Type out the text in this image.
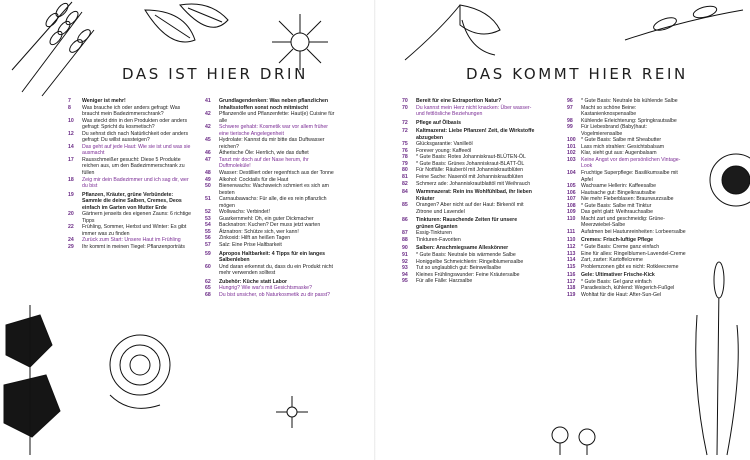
DAS IST HIER DRIN
7	Weniger ist mehr!
8	Was brauche ich oder anders gefragt: Was braucht mein Badezimmerschrank?
10	Was steckt drin in den Produkten oder anders gefragt: Spricht du kosmetisch?
12	Du sehnst dich nach Natürlichkeit oder anders gefragt: Du willst aussteigen?
14	Das geht auf jede Haut: Wie sie ist und was sie ausmacht
17	Rausschmeißer gesucht: Diese 5 Produkte reichen aus, um den Badezimmerschrank zu füllen
18	Zeig mir dein Badezimmer und ich sag dir, wer du bist
19	Pflanzen, Kräuter, grüne Verbündete: Sammle die deine Salben, Cremes, Deos einfach im Garten von Mutter Erde
20	Gärtnern jenseits des eigenen Zauns: 6 richtige Tipps
22	Frühling, Sommer, Herbst und Winter: Es gibt immer was zu finden
24	Zurück zum Start: Unsere Haut im Frühling
29	Ihr kommt in meinen Tiegel: Pflanzenporträts
41	Grundlagendenken: Was neben pflanzlichen Inhaltsstoffen sonst noch mitmischt
42	Pflanzenöle und Pflanzenfette: Haut(e) Cuisine für alle
42	Schwere gehabt: Kosmetik war vor allem früher eine tierische Angelegenheit
45	Hydrolate: Kannst du mir bitte das Duftwasser reichen?
46	Ätherische Öle: Herrlich, wie das duftet
47	Tanzt mir doch auf der Nase herum, ihr Duftmoleküle!
48	Wasser: Destilliert oder regenfrisch aus der Tonne
49	Alkohol: Cocktails für die Haut
50	Bienenwachs: Wachsweich schmiert es sich am besten
51	Carnaubawachs: Für alle, die es rein pflanzlich mögen
52	Wollwachs: Verbindet!
53	Guarkernmehl: Oh, ein guter Dickmacher
54	Backnatron: Kuchen? Der muss jetzt warten
55	Ätznatron: Schütze sich, wer kann!
56	Zinkoxid: Hilft an heißen Tagen
57	Salz: Eine Prise Haltbarkeit
59	Apropos Haltbarkeit: 4 Tipps für ein langes Salbenleben
60	Und daran erkennst du, dass du ein Produkt nicht mehr verwenden solltest
62	Zubehör: Küche statt Labor
65	Hungrig? Wie war's mit Gesichtsmaske?
68	Du bist unsicher, ob Naturkosmetik zu dir passt?
DAS KOMMT HIER REIN
70	Bereit für eine Extraportion Natur?
70	Du kannst mein Herz nicht knacken: Über wasser- und fettlösliche Beziehungen
72	Pflege auf Ölbasis
72	Kaltmazerat: Liebe Pflanzen! Zeit, die Wirkstoffe abzugeben
75	Glücksgarantie: Vanilleöl
76	Forever young: Kaffeeöl
78	* Gute Basis: Rotes Johanniskraut-BLÜTEN-ÖL
79	* Gute Basis: Grünes Johanniskraut-BLATT-ÖL
80	Für Notfälle: Räuberöl mit Johanniskrautblüten
81	Feine Sache: Nasenöl mit Johanniskrautblüten
82	Schmerz ade: Johanniskrautblattöl mit Weihrauch
84	Warmmazerat: Rein ins Wohlfühlbad, ihr lieben Kräuter
85	Orangen? Aber nicht auf der Haut: Birkenöl mit Zitrone und Lavendel
86	Tinkturen: Rauschende Zeiten für unsere grünen Giganten
87	Essig-Tinkturen
88	Tinkturen-Favoriten
90	Salben: Anschmiegsame Alleskönner
91	* Gute Basis: Neutrale bis wärmende Salbe
92	Honiggelbe Schmeichlerin: Ringelblumensalbe
93	Tut so unglaublich gut: Beinwellsalbe
94	Kleines Frühlingswunder: Feine Kräutersalbe
95	Für alle Fälle: Harzsalbe
96	* Gute Basis: Neutrale bis kühlende Salbe
97	Macht so schöne Beine: Kastanienknospensalbe
98	Kühlende Erleichterung: Springkrautsalbe
99	Für Liebesbrand (Baby)haut: Vogelmierensalbe
100	* Gute Basis: Salbe mit Sheabutter
101	Lass mich strahlen: Gesichtsbalsam
102	Klar, sieht gut aus: Augenbalsam
103	Keine Angst vor dem persönlichen Vintage-Look
104	Fruchtige Superpflege: Basilikumsalbe mit Apfel
105	Wachsame Hellerin: Kaffeesalbe
106	Hautsache gut: Bingelkrautsalbe
107	Nie mehr Fieberblasen: Braunwurzsalbe
108	* Gute Basis: Salbe mit Tinktur
109	Das geht glatt: Weihrauchsalbe
110	Macht zart und geschmeidig: Grüne-Meerzwiebel-Salbe
111	Aufatmen bei Hautunreinheiten: Lorbeersalbe
110	Cremes: Frisch-luftige Pflege
112	* Gute Basis: Creme ganz einfach
113	Eine für alles: Ringelblumen-Lavendel-Creme
114	Zart, zarter: Kartoffelcreme
115	Problemzonen gibt es nicht: Rotkleecreme
116	Gele: Ultimativer Frische-Kick
117	* Gute Basis: Gel ganz einfach
118	Paradiesisch, kühlend: Wegerich-Fußgel
119	Wohltat für die Haut: After-Sun-Gel
